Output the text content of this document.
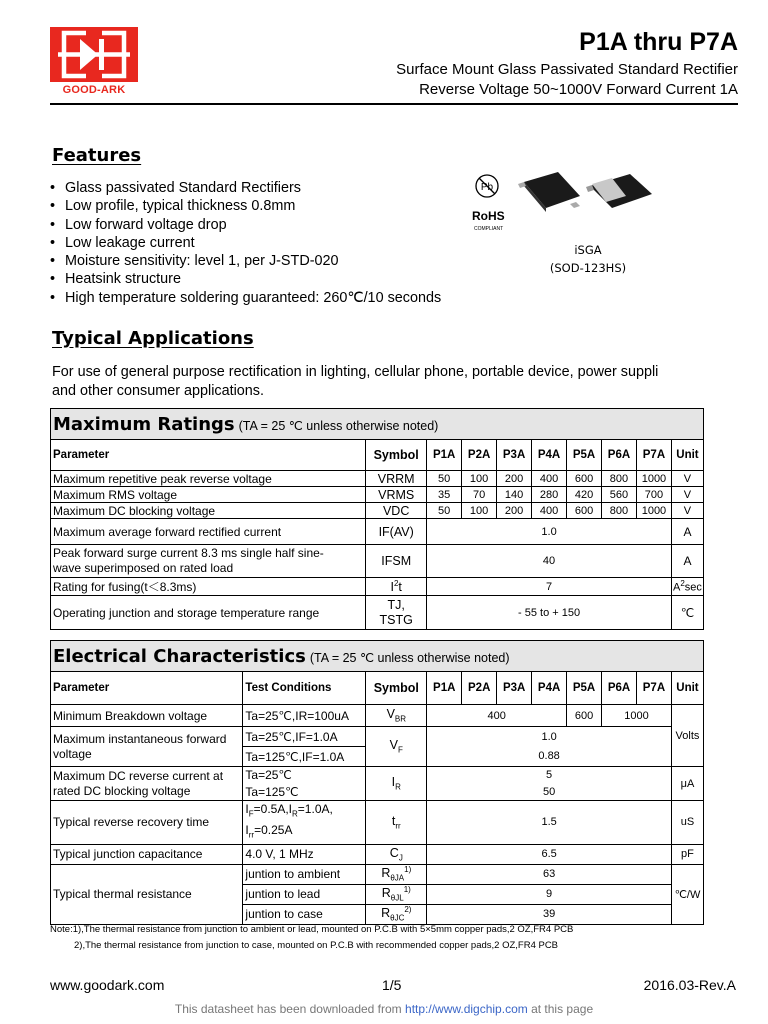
GOOD-ARK
P1A thru P7A
Surface Mount Glass Passivated Standard Rectifier
Reverse Voltage 50~1000V Forward Current 1A
Features
• Glass passivated Standard Rectifiers
• Low profile, typical thickness 0.8mm
• Low forward voltage drop
• Low leakage current
• Moisture sensitivity: level 1, per J-STD-020
• Heatsink structure
• High temperature soldering guaranteed: 260℃/10 seconds
Pb
RoHS
COMPLIANT
iSGA
(SOD-123HS)
Typical Applications
For use of general purpose rectification in lighting, cellular phone, portable device, power suppli
and other consumer applications.
Maximum Ratings (TA = 25 ℃ unless otherwise noted)									
Parameter	Symbol	P1A	P2A	P3A	P4A	P5A	P6A	P7A	Unit
Maximum repetitive peak reverse voltage	VRRM	50	100	200	400	600	800	1000	V
Maximum RMS voltage	VRMS	35	70	140	280	420	560	700	V
Maximum DC blocking voltage	VDC	50	100	200	400	600	800	1000	V
Maximum average forward rectified current	IF(AV)	1.0							A

Peak forward surge current 8.3 ms single half sine-
wave superimposed on rated load	IFSM	40							A
Rating for fusing(t＜8.3ms)	$I^2t$	7							$A^2\sec$
Operating junction and storage temperature range	TJ,
TSTG	- 55 to + 150							℃
Electrical Characteristics (TA = 25 ℃ unless otherwise noted)										
Parameter	Test Conditions	Symbol	P1A	P2A	P3A	P4A	P5A	P6A	P7A	Unit
Minimum Breakdown voltage	Ta=25℃,IR=100uA	$V_{BR}$	400				600	1000		Volts

Maximum instantaneous forward
voltage	Ta=25℃,IF=1.0A	$V_F$	1.0							
	Ta=125℃,IF=1.0A		0.88							

Maximum DC reverse current at
rated DC blocking voltage	Ta=25℃	$I_R$	5							μA
	Ta=125℃		50							
Typical reverse recovery time	$I_F=0.5A,I_R=1.0A$,
$I_{rr}=0.25A$	$t_{rr}$	1.5							uS
Typical junction capacitance	4.0 V, 1 MHz	$C_J$	6.5							pF
Typical thermal resistance	juntion to ambient	$R_{\theta JA}^{1)}$	63							℃/W
	juntion to lead	$R_{\theta JL}^{1)}$	9							
	juntion to case	$R_{\theta JC}^{2)}$	39							
Note:1),The thermal resistance from junction to ambient or lead, mounted on P.C.B with 5×5mm copper pads,2 OZ,FR4 PCB
2),The thermal resistance from junction to case, mounted on P.C.B with recommended copper pads,2 OZ,FR4 PCB
www.goodark.com	1/5	2016.03-Rev.A
This datasheet has been downloaded from http://www.digchip.com at this page
